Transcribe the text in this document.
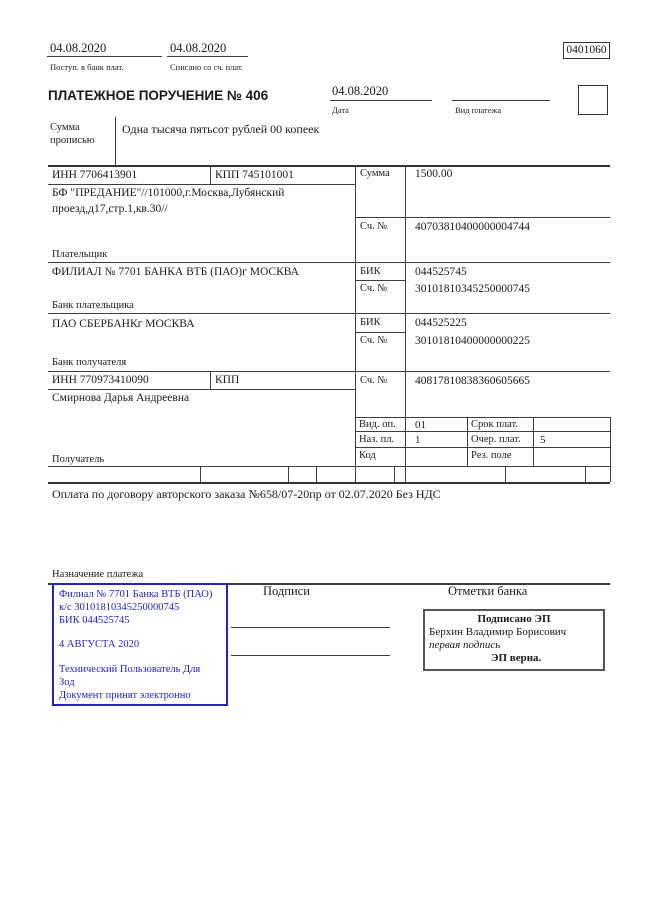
04.08.2020	04.08.2020
Поступ. в банк плат.	Списано со сч. плат.
0401060
ПЛАТЕЖНОЕ ПОРУЧЕНИЕ № 406	04.08.2020
Дата	Вид платежа
Сумма прописью
Одна тысяча пятьсот рублей 00 копеек
ИНН 7706413901	КПП 745101001	Сумма 1500.00
БФ "ПРЕДАНИЕ"//101000,г.Москва,Лубянский
проезд,д17,стр.1,кв.30//
Сч. № 40703810400000004744
Плательщик
ФИЛИАЛ № 7701 БАНКА ВТБ (ПАО)г МОСКВА	БИК	044525745
Сч. № 30101810345250000745
Банк плательщика
ПАО СБЕРБАНКг МОСКВА	БИК	044525225
Сч. № 30101810400000000225
Банк получателя
ИНН 770973410090	КПП	Сч. № 40817810838360605665
Смирнова Дарья Андреевна
Получатель
Вид. оп. 01	Срок плат.
Наз. пл. 1	Очер. плат. 5
Код	Рез. поле
Оплата по договору авторского заказа №658/07-20пр от 02.07.2020 Без НДС
Назначение платежа
Подписи	Отметки банка
Филиал № 7701 Банка ВТБ (ПАО)
к/с 30101810345250000745
БИК 044525745
4 АВГУСТА 2020
Технический Пользователь Для
Зод
Документ принят электронно
Подписано ЭП
Берхин Владимир Борисович
первая подпись
ЭП верна.
